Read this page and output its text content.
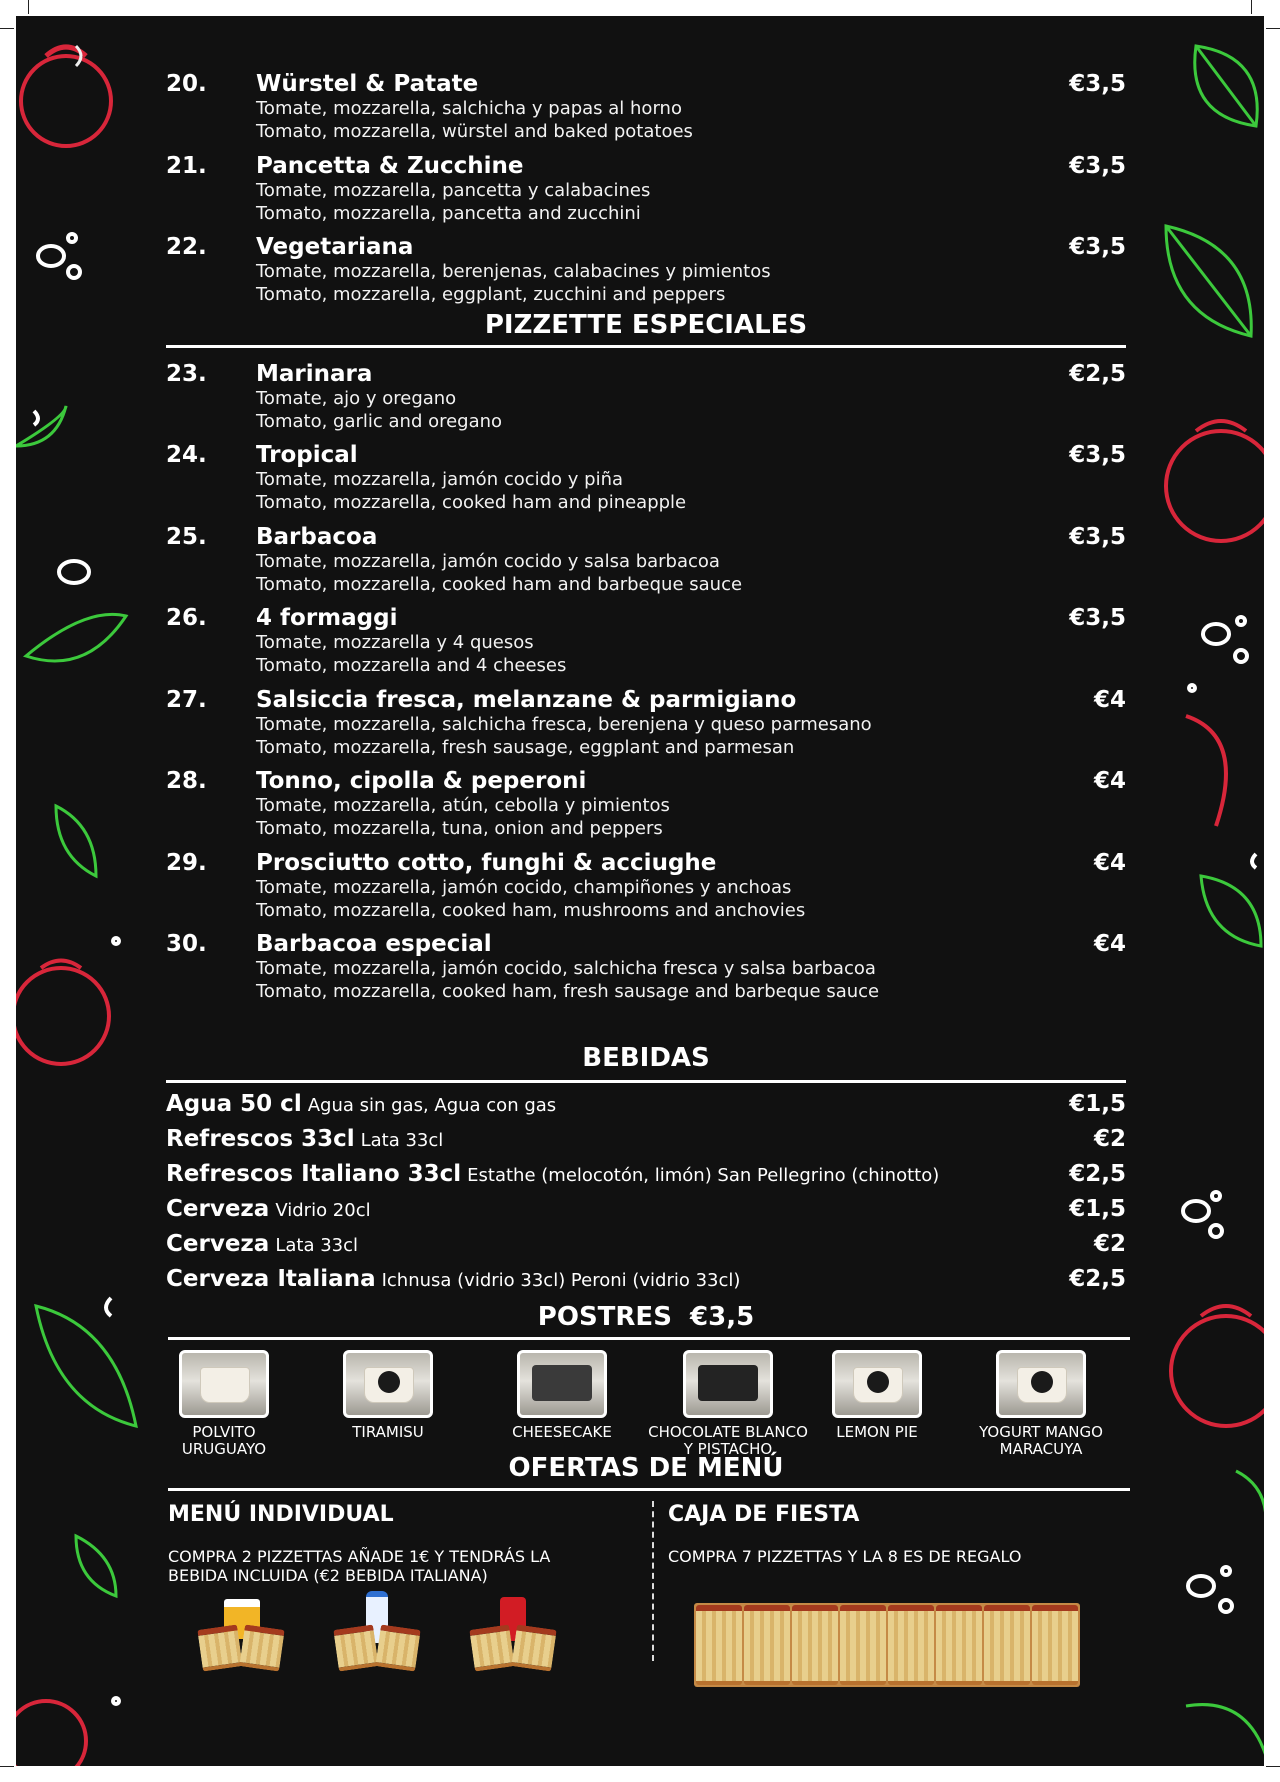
20. Würstel & Patate	€3,5
Tomate, mozzarella, salchicha y papas al horno
Tomato, mozzarella, würstel and baked potatoes
21. Pancetta & Zucchine	€3,5
Tomate, mozzarella, pancetta y calabacines
Tomato, mozzarella, pancetta and zucchini
22. Vegetariana	€3,5
Tomate, mozzarella, berenjenas, calabacines y pimientos
Tomato, mozzarella, eggplant, zucchini and peppers
PIZZETTE ESPECIALES
23. Marinara	€2,5
Tomate, ajo y oregano
Tomato, garlic and oregano
24. Tropical	€3,5
Tomate, mozzarella, jamón cocido y piña
Tomato, mozzarella, cooked ham and pineapple
25. Barbacoa	€3,5
Tomate, mozzarella, jamón cocido y salsa barbacoa
Tomato, mozzarella, cooked ham and barbeque sauce
26. 4 formaggi	€3,5
Tomate, mozzarella y 4 quesos
Tomato, mozzarella and 4 cheeses
27. Salsiccia fresca, melanzane & parmigiano	€4
Tomate, mozzarella, salchicha fresca, berenjena y queso parmesano
Tomato, mozzarella, fresh sausage, eggplant and parmesan
28. Tonno, cipolla & peperoni	€4
Tomate, mozzarella, atún, cebolla y pimientos
Tomato, mozzarella, tuna, onion and peppers
29. Prosciutto cotto, funghi & acciughe	€4
Tomate, mozzarella, jamón cocido, champiñones y anchoas
Tomato, mozzarella, cooked ham, mushrooms and anchovies
30. Barbacoa especial	€4
Tomate, mozzarella, jamón cocido, salchicha fresca y salsa barbacoa
Tomato, mozzarella, cooked ham, fresh sausage and barbeque sauce
BEBIDAS
Agua 50 cl Agua sin gas, Agua con gas	€1,5
Refrescos 33cl Lata 33cl	€2
Refrescos Italiano 33cl Estathe (melocotón, limón) San Pellegrino (chinotto)	€2,5
Cerveza Vidrio 20cl	€1,5
Cerveza Lata 33cl	€2
Cerveza Italiana Ichnusa (vidrio 33cl) Peroni (vidrio 33cl)	€2,5
POSTRES  €3,5
POLVITO
URUGUAYO
TIRAMISU	CHEESECAKE	CHOCOLATE BLANCO
Y PISTACHO
LEMON PIE	YOGURT MANGO
MARACUYA
OFERTAS DE MENÚ
MENÚ INDIVIDUAL
COMPRA 2 PIZZETTAS AÑADE 1€ Y TENDRÁS LA
BEBIDA INCLUIDA (€2 BEBIDA ITALIANA)
CAJA DE FIESTA
COMPRA 7 PIZZETTAS Y LA 8 ES DE REGALO
